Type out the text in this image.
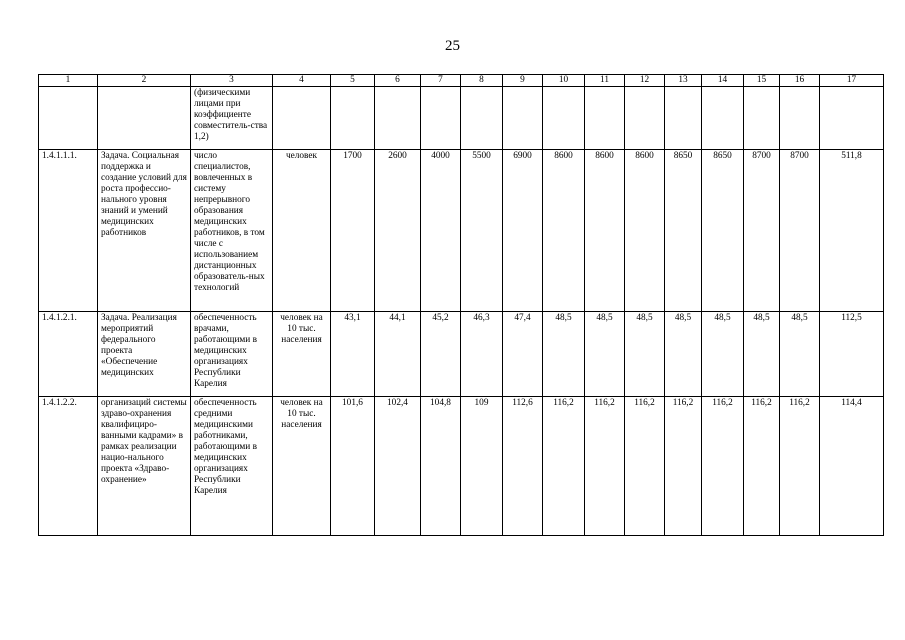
25
1	2	3	4	5	6	7	8	9	10	11	12	13	14	15	16	17
		(физическими лицами при коэффициенте совместитель-ства 1,2)														
1.4.1.1.1.	Задача. Социальная поддержка и создание условий для роста профессио-нального уровня знаний и умений медицинских работников	число специалистов, вовлеченных в систему непрерывного образования медицинских работников, в том числе с использованием дистанционных образователь-ных технологий	человек	1700	2600	4000	5500	6900	8600	8600	8600	8650	8650	8700	8700	511,8
1.4.1.2.1.	Задача. Реализация мероприятий федерального проекта «Обеспечение медицинских	обеспеченность врачами, работающими в медицинских организациях Республики Карелия	человек на 10 тыс. населения	43,1	44,1	45,2	46,3	47,4	48,5	48,5	48,5	48,5	48,5	48,5	48,5	112,5
1.4.1.2.2.	организаций системы здраво-охранения квалифициро-ванными кадрами» в рамках реализации нацио-нального проекта «Здраво-охранение»	обеспеченность средними медицинскими работниками, работающими в медицинских организациях Республики Карелия	человек на 10 тыс. населения	101,6	102,4	104,8	109	112,6	116,2	116,2	116,2	116,2	116,2	116,2	116,2	114,4
